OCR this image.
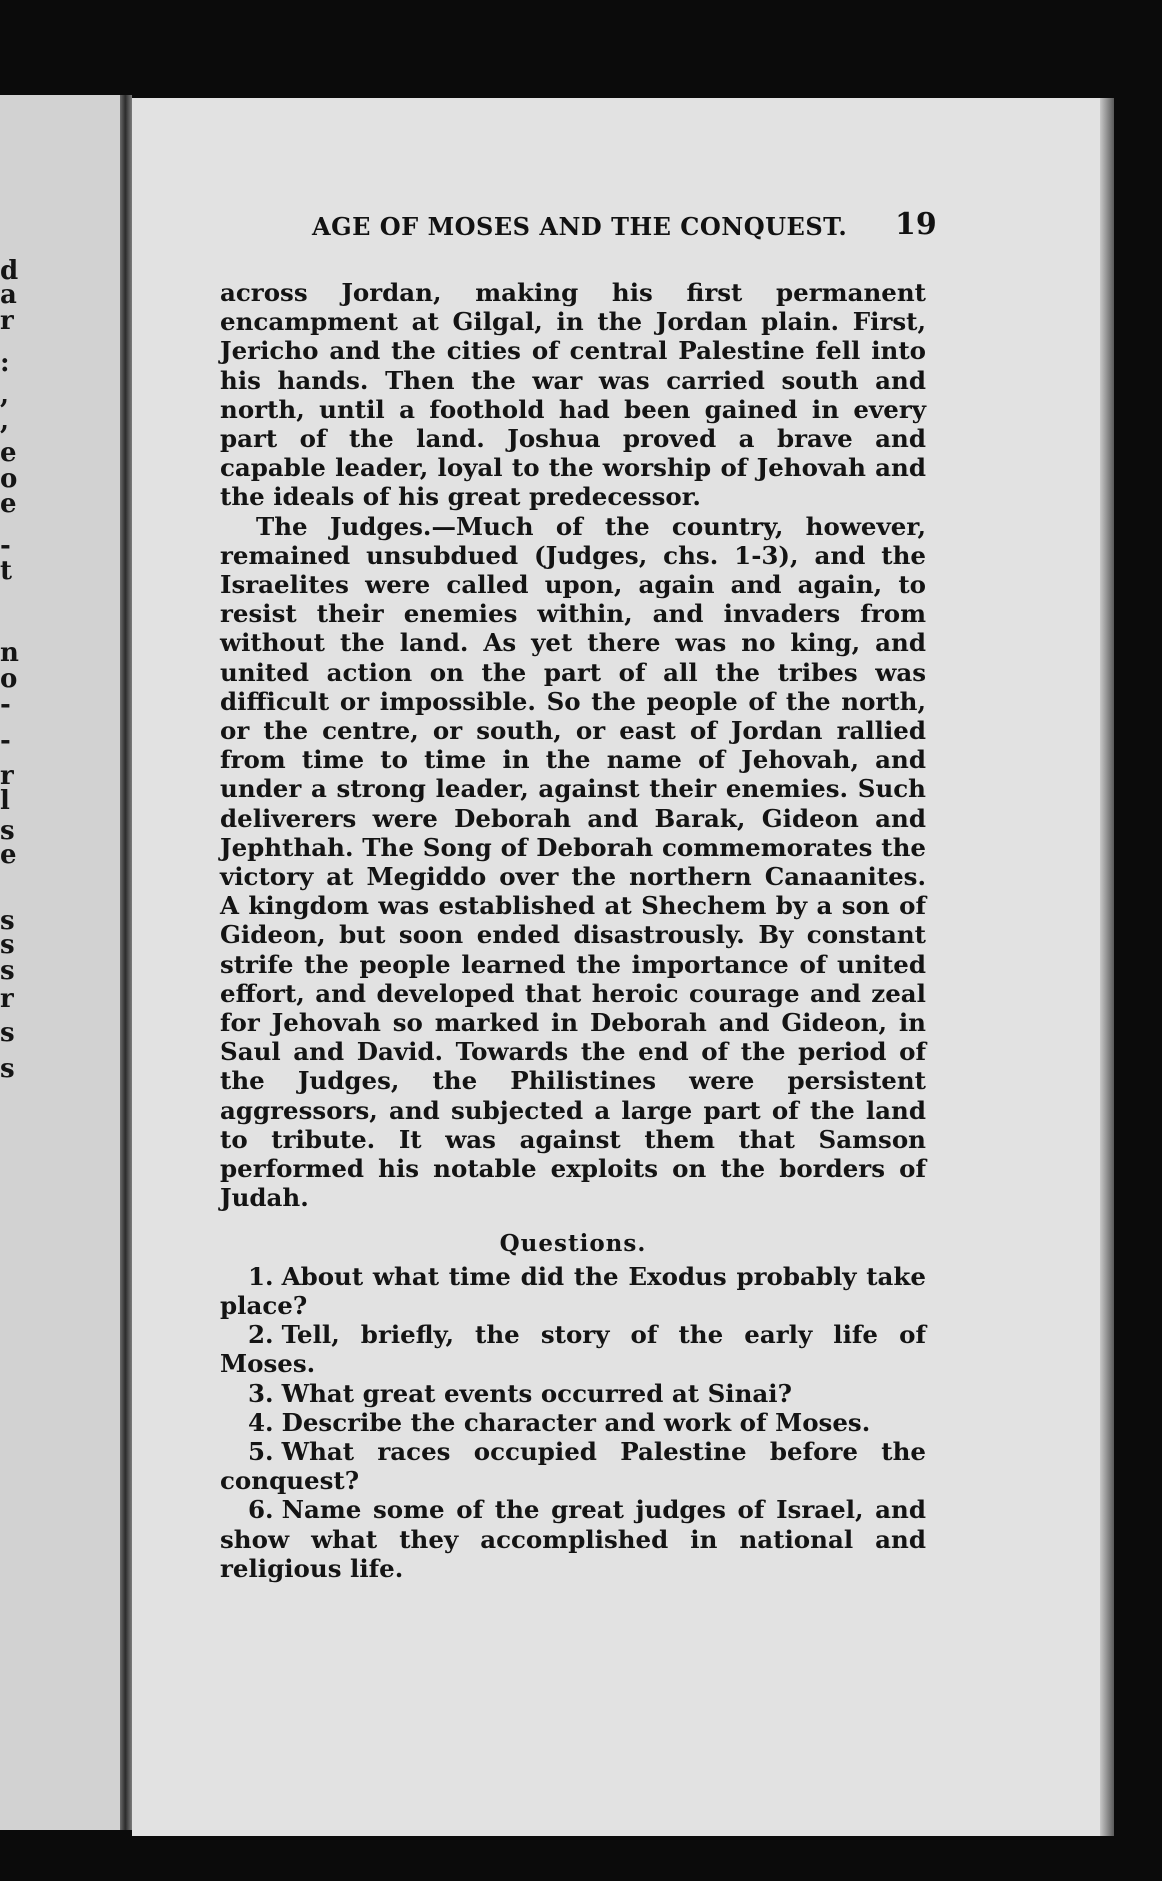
d
a
r
:
,
,
e
o
e
-
t
n
o
-
-
r
l
s
e
s
s
s
r
s
s
AGE OF MOSES AND THE CONQUEST. 19

across Jordan, making his first permanent encampment at Gilgal, in the Jordan plain. First, Jericho and the cities of central Palestine fell into his hands. Then the war was carried south and north, until a foothold had been gained in every part of the land. Joshua proved a brave and capable leader, loyal to the worship of Jehovah and the ideals of his great predecessor.

The Judges.—Much of the country, however, remained unsubdued (Judges, chs. 1-3), and the Israelites were called upon, again and again, to resist their enemies within, and invaders from without the land. As yet there was no king, and united action on the part of all the tribes was difficult or impossible. So the people of the north, or the centre, or south, or east of Jordan rallied from time to time in the name of Jehovah, and under a strong leader, against their enemies. Such deliverers were Deborah and Barak, Gideon and Jephthah. The Song of Deborah commemorates the victory at Megiddo over the northern Canaanites. A kingdom was established at Shechem by a son of Gideon, but soon ended disastrously. By constant strife the people learned the importance of united effort, and developed that heroic courage and zeal for Jehovah so marked in Deborah and Gideon, in Saul and David. Towards the end of the period of the Judges, the Philistines were persistent aggressors, and subjected a large part of the land to tribute. It was against them that Samson performed his notable exploits on the borders of Judah.

Questions.

1. About what time did the Exodus probably take place?
2. Tell, briefly, the story of the early life of Moses.
3. What great events occurred at Sinai?
4. Describe the character and work of Moses.
5. What races occupied Palestine before the conquest?
6. Name some of the great judges of Israel, and show what they accomplished in national and religious life.
